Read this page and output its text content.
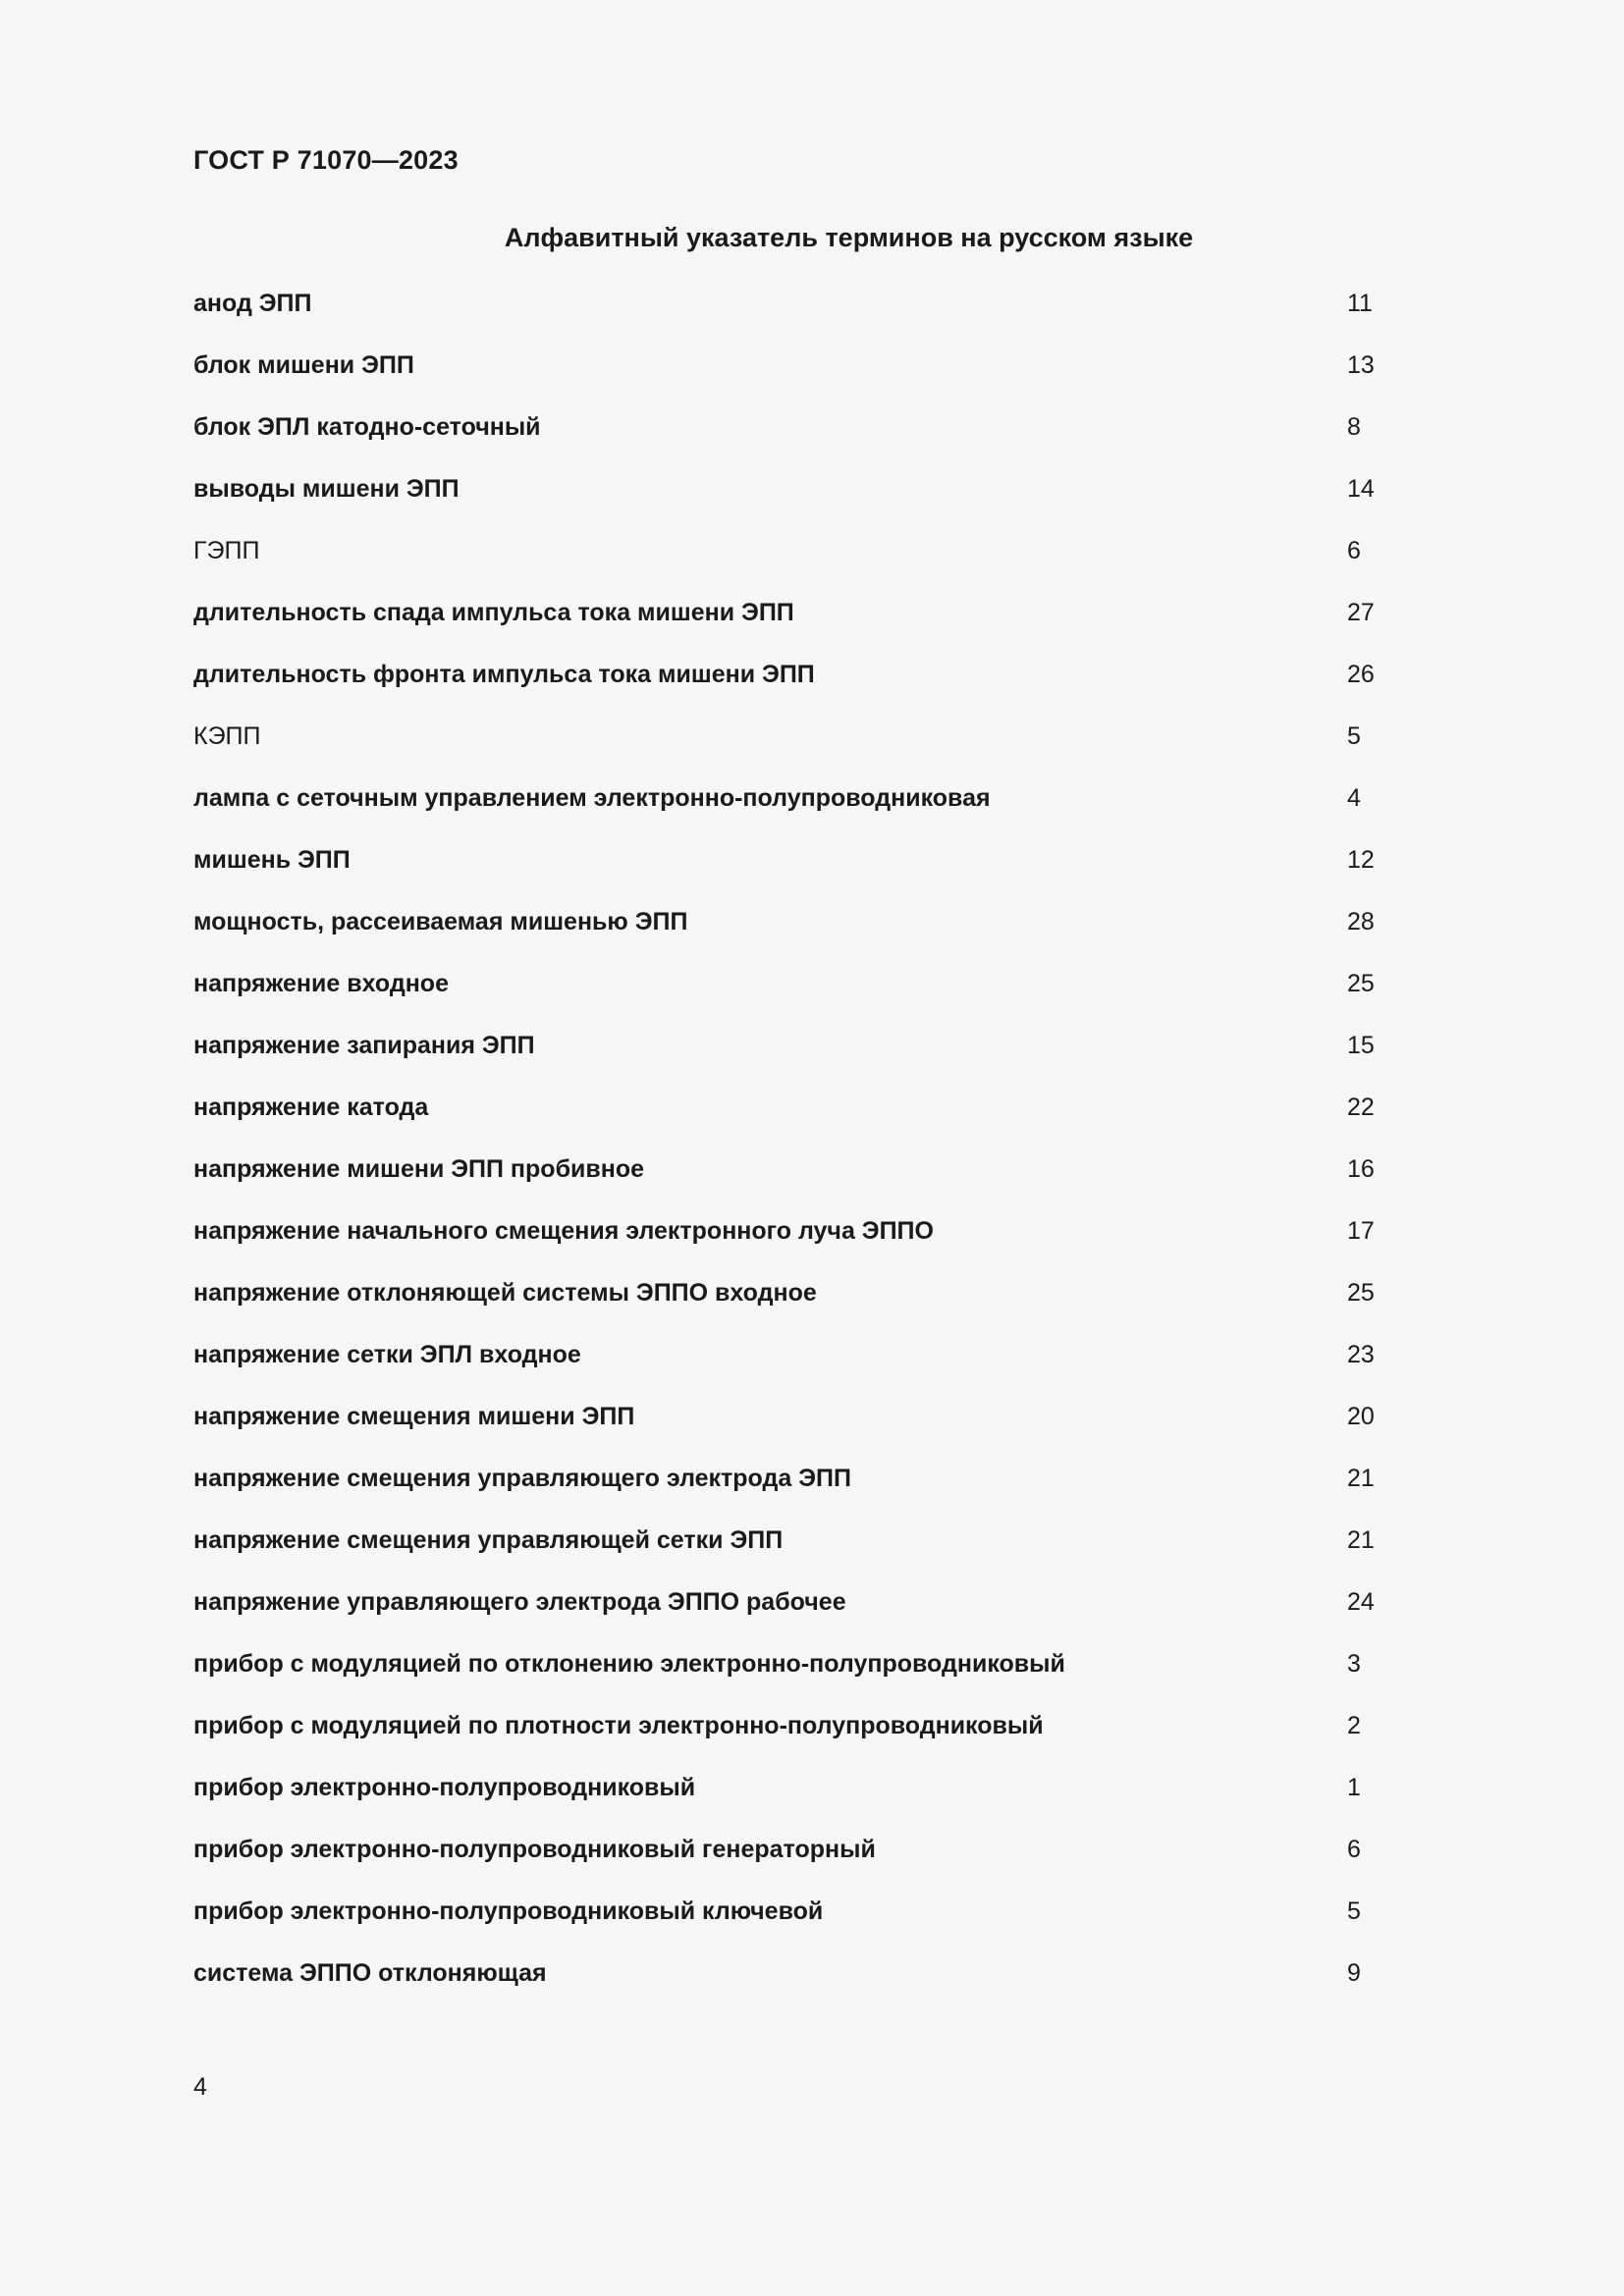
ГОСТ Р 71070—2023
Алфавитный указатель терминов на русском языке
анод ЭПП	11
блок мишени ЭПП	13
блок ЭПЛ катодно-сеточный	8
выводы мишени ЭПП	14
ГЭПП	6
длительность спада импульса тока мишени ЭПП	27
длительность фронта импульса тока мишени ЭПП	26
КЭПП	5
лампа с сеточным управлением электронно-полупроводниковая	4
мишень ЭПП	12
мощность, рассеиваемая мишенью ЭПП	28
напряжение входное	25
напряжение запирания ЭПП	15
напряжение катода	22
напряжение мишени ЭПП пробивное	16
напряжение начального смещения электронного луча ЭППО	17
напряжение отклоняющей системы ЭППО входное	25
напряжение сетки ЭПЛ входное	23
напряжение смещения мишени ЭПП	20
напряжение смещения управляющего электрода ЭПП	21
напряжение смещения управляющей сетки ЭПП	21
напряжение управляющего электрода ЭППО рабочее	24
прибор с модуляцией по отклонению электронно-полупроводниковый	3
прибор с модуляцией по плотности электронно-полупроводниковый	2
прибор электронно-полупроводниковый	1
прибор электронно-полупроводниковый генераторный	6
прибор электронно-полупроводниковый ключевой	5
система ЭППО отклоняющая	9
4
